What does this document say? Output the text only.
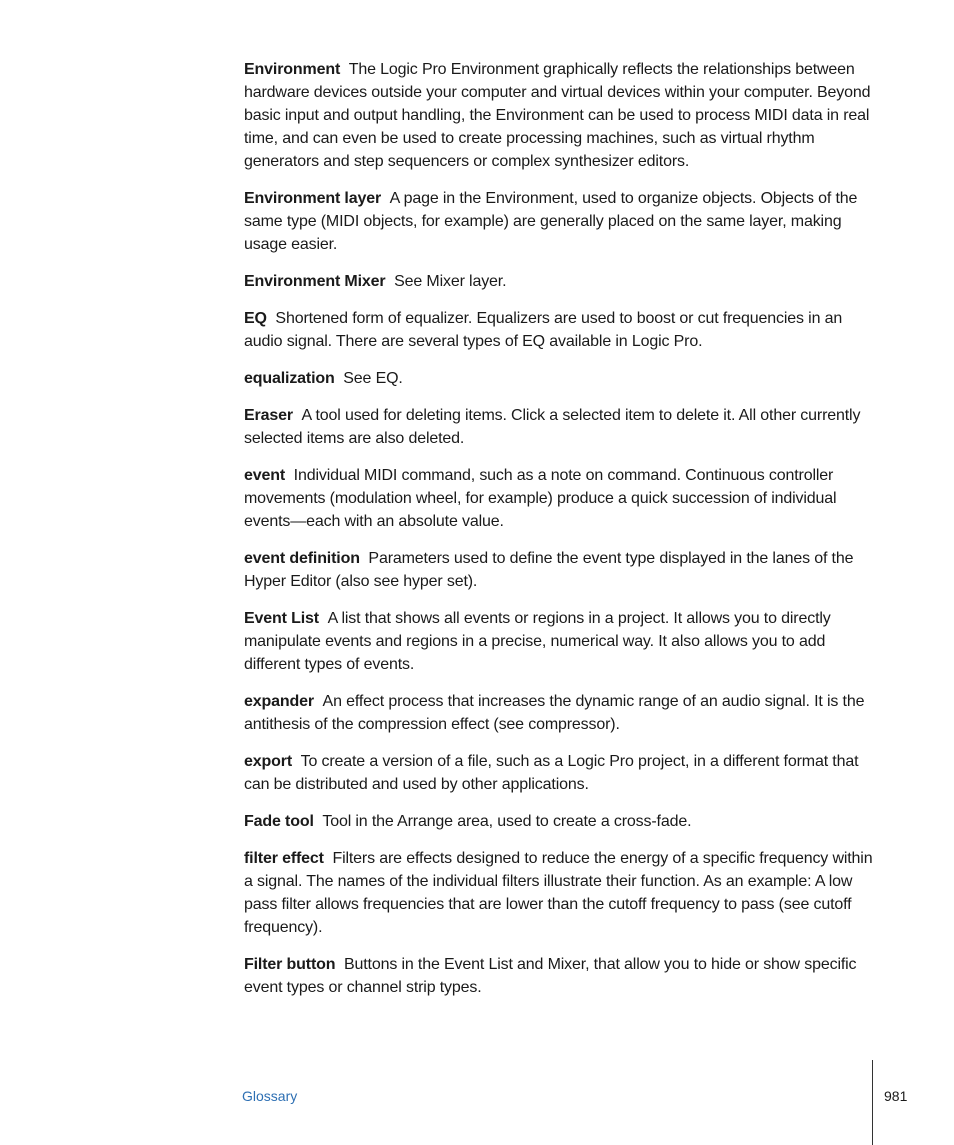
Environment The Logic Pro Environment graphically reflects the relationships between hardware devices outside your computer and virtual devices within your computer. Beyond basic input and output handling, the Environment can be used to process MIDI data in real time, and can even be used to create processing machines, such as virtual rhythm generators and step sequencers or complex synthesizer editors.

Environment layer A page in the Environment, used to organize objects. Objects of the same type (MIDI objects, for example) are generally placed on the same layer, making usage easier.

Environment Mixer See Mixer layer.

EQ Shortened form of equalizer. Equalizers are used to boost or cut frequencies in an audio signal. There are several types of EQ available in Logic Pro.

equalization See EQ.

Eraser A tool used for deleting items. Click a selected item to delete it. All other currently selected items are also deleted.

event Individual MIDI command, such as a note on command. Continuous controller movements (modulation wheel, for example) produce a quick succession of individual events—each with an absolute value.

event definition Parameters used to define the event type displayed in the lanes of the Hyper Editor (also see hyper set).

Event List A list that shows all events or regions in a project. It allows you to directly manipulate events and regions in a precise, numerical way. It also allows you to add different types of events.

expander An effect process that increases the dynamic range of an audio signal. It is the antithesis of the compression effect (see compressor).

export To create a version of a file, such as a Logic Pro project, in a different format that can be distributed and used by other applications.

Fade tool Tool in the Arrange area, used to create a cross-fade.

filter effect Filters are effects designed to reduce the energy of a specific frequency within a signal. The names of the individual filters illustrate their function. As an example: A low pass filter allows frequencies that are lower than the cutoff frequency to pass (see cutoff frequency).

Filter button Buttons in the Event List and Mixer, that allow you to hide or show specific event types or channel strip types.

Glossary	981
